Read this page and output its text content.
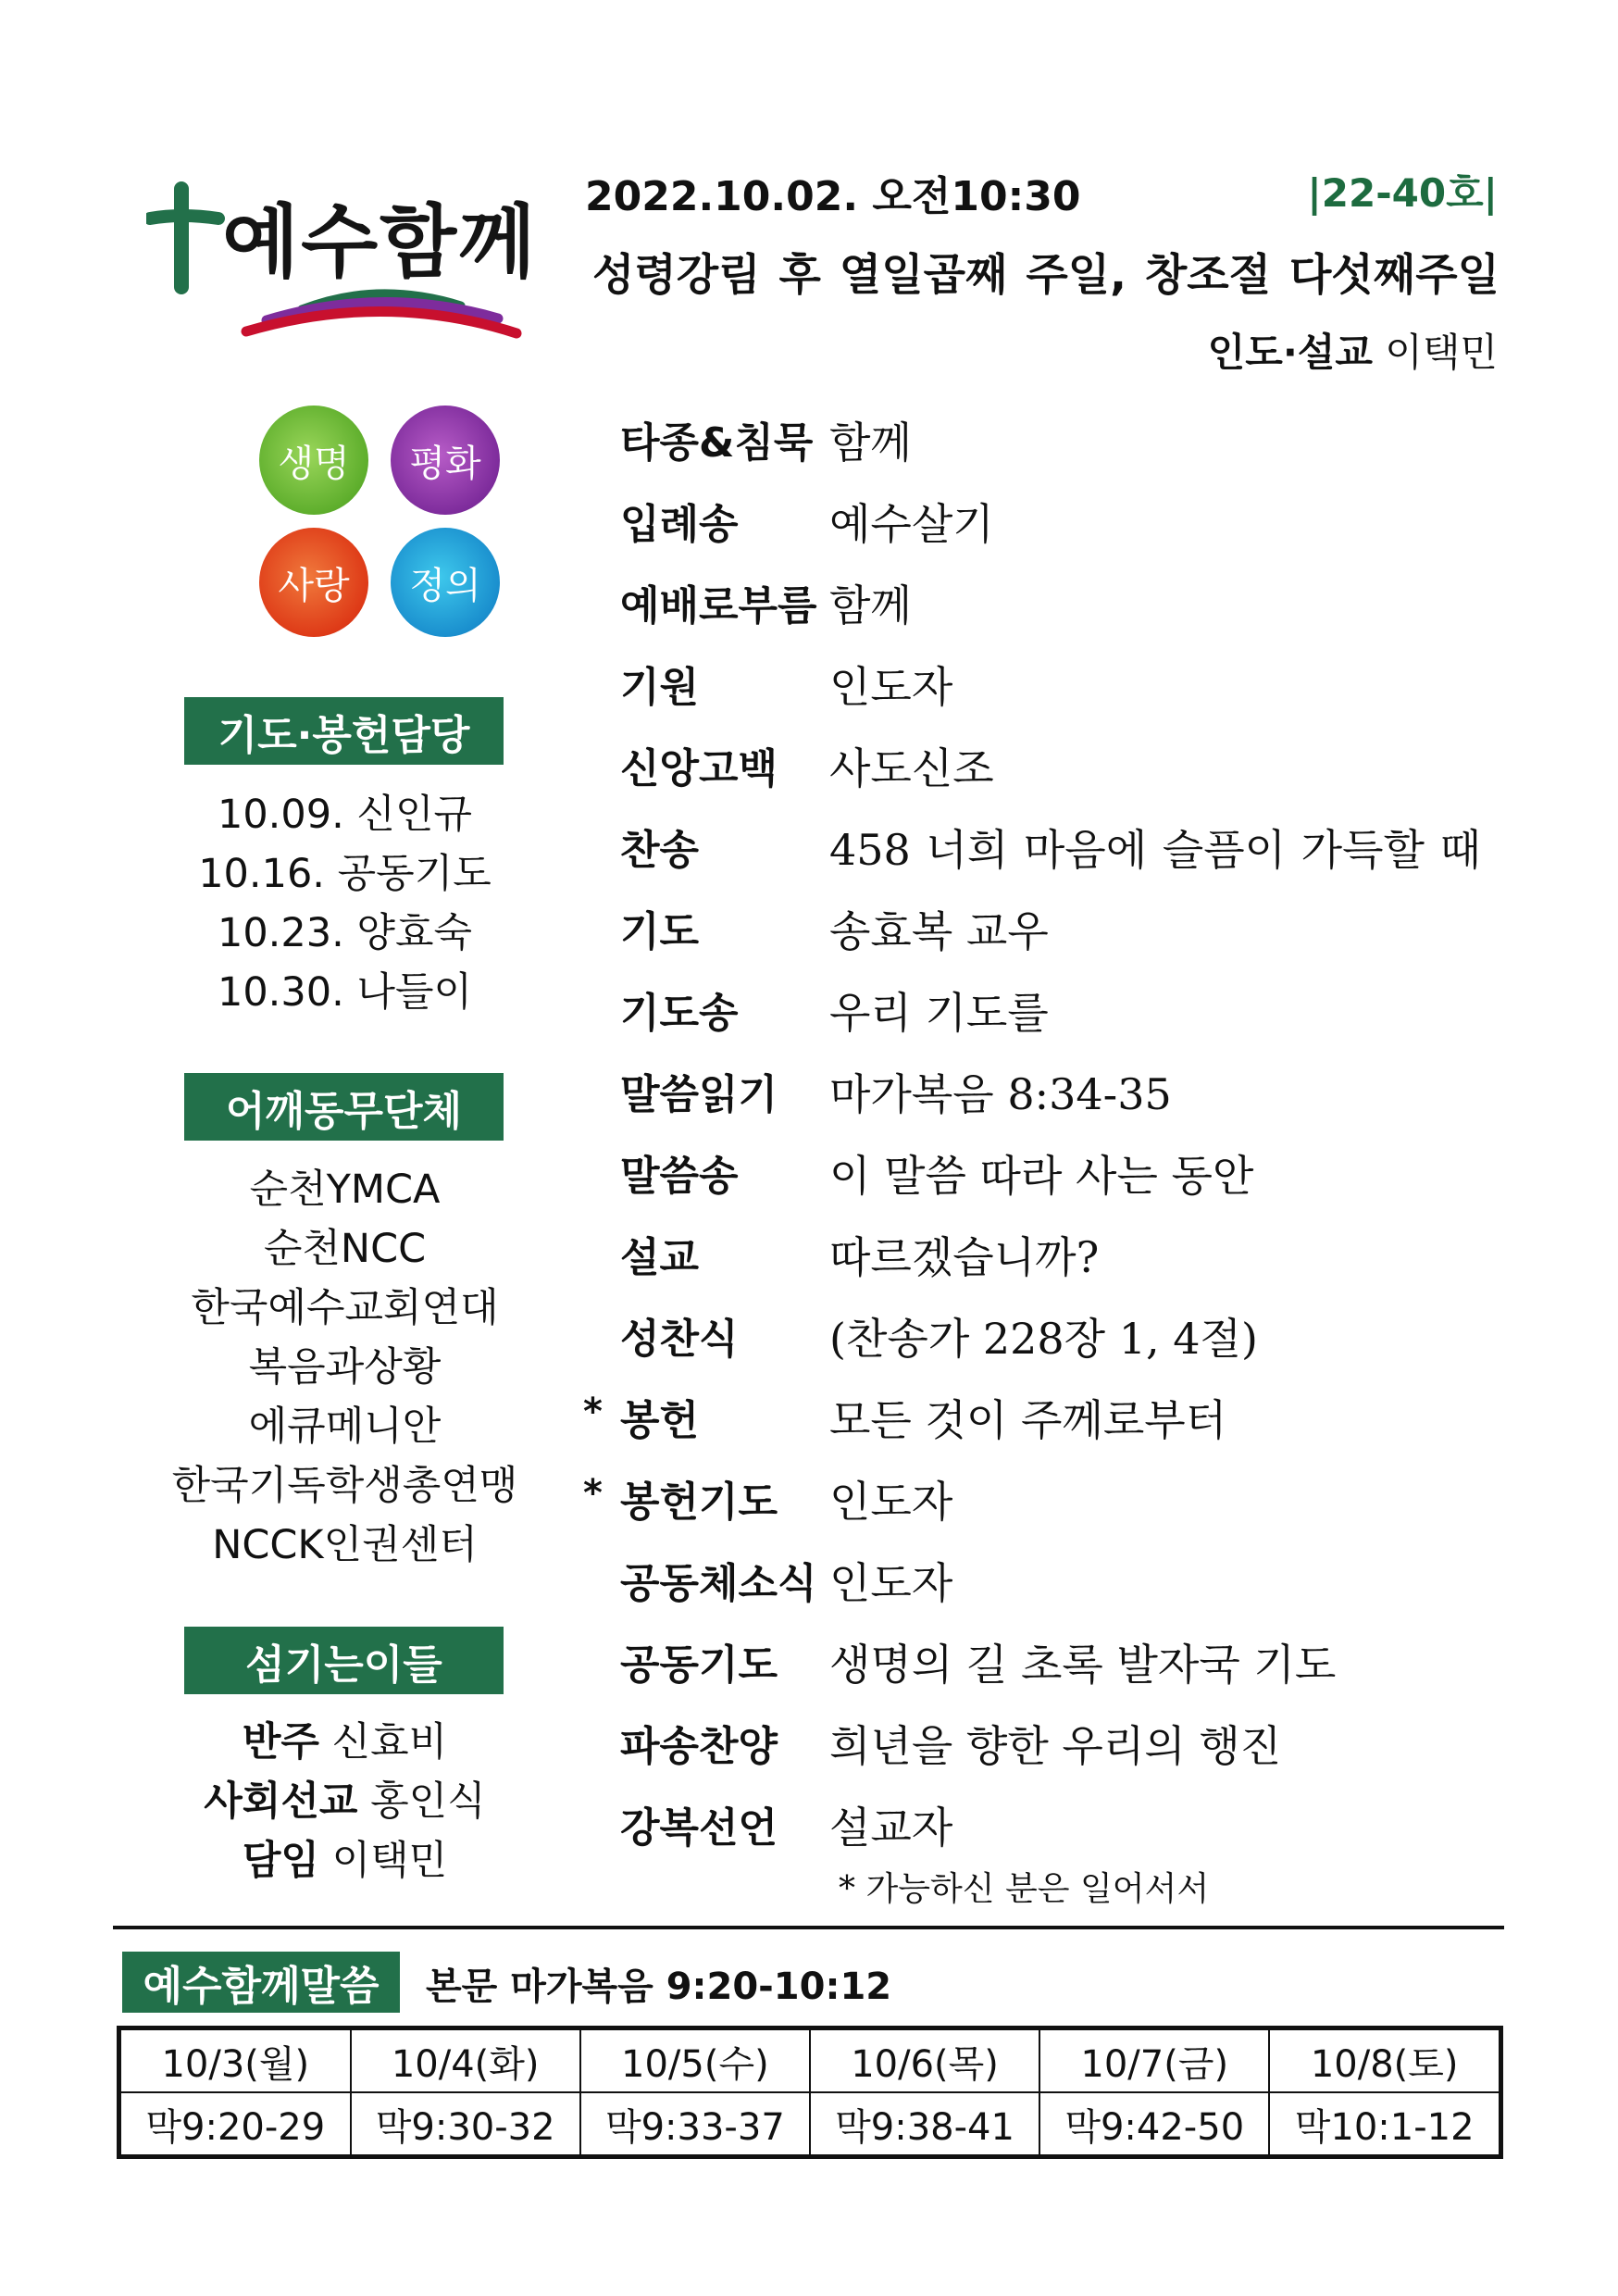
예수함께 2022.10.02. 오전10:30	|22-40호|
성령강림 후 열일곱째 주일, 창조절 다섯째주일
인도·설교 이택민
생명	평화
사랑	정의
기도·봉헌담당
10.09. 신인규
10.16. 공동기도
10.23. 양효숙
10.30. 나들이
어깨동무단체
순천YMCA
순천NCC
한국예수교회연대
복음과상황
에큐메니안
한국기독학생총연맹
NCCK인권센터
섬기는이들
반주 신효비
사회선교 홍인식
담임 이택민
타종&침묵 함께
입례송 예수살기
예배로부름 함께
기원	인도자
신앙고백 사도신조
찬송	458 너희 마음에 슬픔이 가득할 때
기도	송효복 교우
기도송 우리 기도를
말씀읽기 마가복음 8:34-35
말씀송 이 말씀 따라 사는 동안
설교	따르겠습니까?
성찬식 (찬송가 228장 1, 4절)
* 봉헌	모든 것이 주께로부터
* 봉헌기도 인도자
공동체소식 인도자
공동기도 생명의 길 초록 발자국 기도
파송찬양 희년을 향한 우리의 행진
강복선언 설교자
* 가능하신 분은 일어서서
예수함께말씀	본문 마가복음 9:20-10:12
10/3(월)	10/4(화)	10/5(수)	10/6(목)	10/7(금)	10/8(토)
막9:20-29	막9:30-32	막9:33-37	막9:38-41	막9:42-50	막10:1-12
